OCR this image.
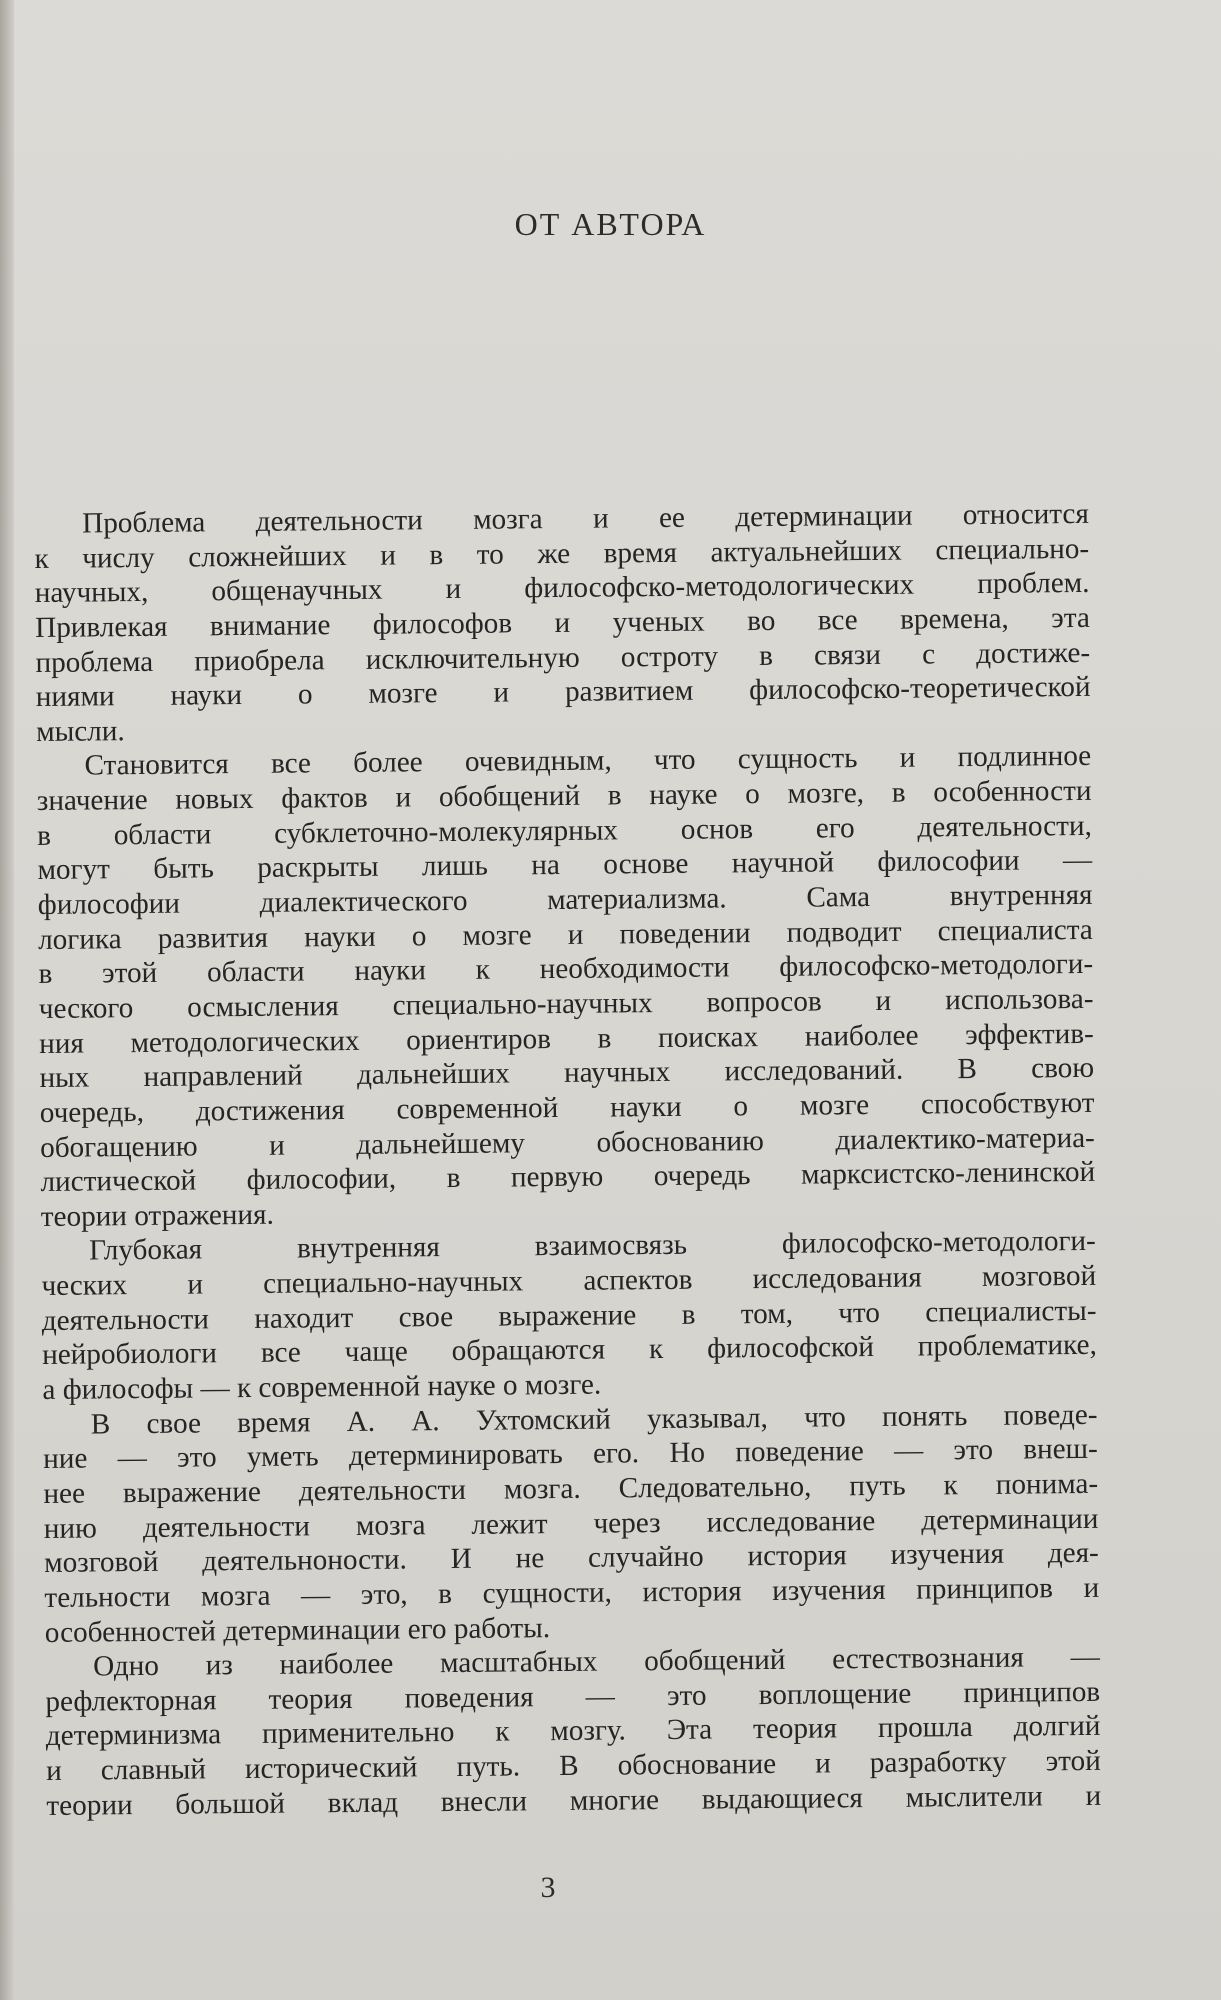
ОТ АВТОРА
Проблема деятельности мозга и ее детерминации относится
к числу сложнейших и в то же время актуальнейших специально-
научных, общенаучных и философско-методологических проблем.
Привлекая внимание философов и ученых во все времена, эта
проблема приобрела исключительную остроту в связи с достиже-
ниями науки о мозге и развитием философско-теоретической
мысли.
Становится все более очевидным, что сущность и подлинное
значение новых фактов и обобщений в науке о мозге, в особенности
в области субклеточно-молекулярных основ его деятельности,
могут быть раскрыты лишь на основе научной философии —
философии диалектического материализма. Сама внутренняя
логика развития науки о мозге и поведении подводит специалиста
в этой области науки к необходимости философско-методологи-
ческого осмысления специально-научных вопросов и использова-
ния методологических ориентиров в поисках наиболее эффектив-
ных направлений дальнейших научных исследований. В свою
очередь, достижения современной науки о мозге способствуют
обогащению и дальнейшему обоснованию диалектико-материа-
листической философии, в первую очередь марксистско-ленинской
теории отражения.
Глубокая внутренняя взаимосвязь философско-методологи-
ческих и специально-научных аспектов исследования мозговой
деятельности находит свое выражение в том, что специалисты-
нейробиологи все чаще обращаются к философской проблематике,
а философы — к современной науке о мозге.
В свое время А. А. Ухтомский указывал, что понять поведе-
ние — это уметь детерминировать его. Но поведение — это внеш-
нее выражение деятельности мозга. Следовательно, путь к понима-
нию деятельности мозга лежит через исследование детерминации
мозговой деятельноности. И не случайно история изучения дея-
тельности мозга — это, в сущности, история изучения принципов и
особенностей детерминации его работы.
Одно из наиболее масштабных обобщений естествознания —
рефлекторная теория поведения — это воплощение принципов
детерминизма применительно к мозгу. Эта теория прошла долгий
и славный исторический путь. В обоснование и разработку этой
теории большой вклад внесли многие выдающиеся мыслители и
3
